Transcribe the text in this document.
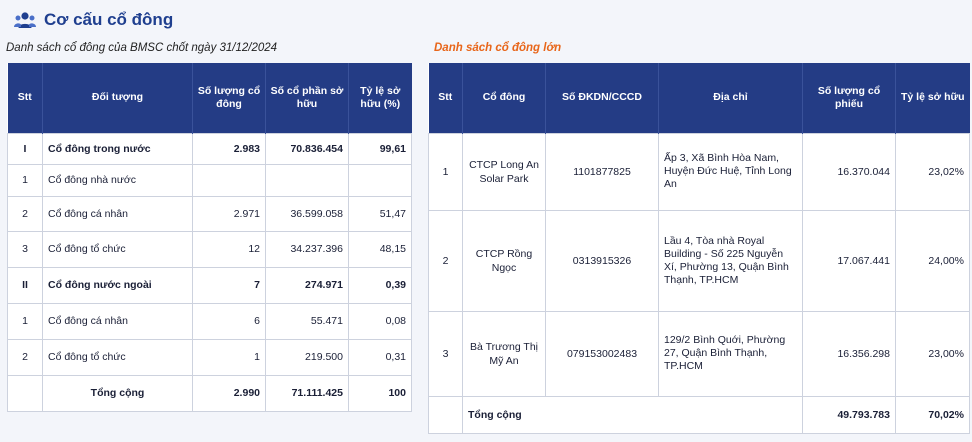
Cơ cấu cổ đông
Danh sách cổ đông của BMSC chốt ngày 31/12/2024	Danh sách cổ đông lớn
Stt	Đối tượng	Số lượng cổ đông	Số cổ phần sở hữu	Tỷ lệ sở hữu (%)
I	Cổ đông trong nước	2.983	70.836.454	99,61
1	Cổ đông nhà nước			
2	Cổ đông cá nhân	2.971	36.599.058	51,47
3	Cổ đông tổ chức	12	34.237.396	48,15
II	Cổ đông nước ngoài	7	274.971	0,39
1	Cổ đông cá nhân	6	55.471	0,08
2	Cổ đông tổ chức	1	219.500	0,31
	Tổng cộng	2.990	71.111.425	100
Stt	Cổ đông	Số ĐKDN/CCCD	Địa chỉ	Số lượng cổ phiếu	Tỷ lệ sở hữu
1	CTCP Long An Solar Park	1101877825	Ấp 3, Xã Bình Hòa Nam, Huyện Đức Huệ, Tỉnh Long An	16.370.044	23,02%
2	CTCP Rồng Ngọc	0313915326	Lầu 4, Tòa nhà Royal Building - Số 225 Nguyễn Xí, Phường 13, Quận Bình Thạnh, TP.HCM	17.067.441	24,00%
3	Bà Trương Thị Mỹ An	079153002483	129/2 Bình Quới, Phường 27, Quận Bình Thạnh, TP.HCM	16.356.298	23,00%
	Tổng cộng			49.793.783	70,02%
